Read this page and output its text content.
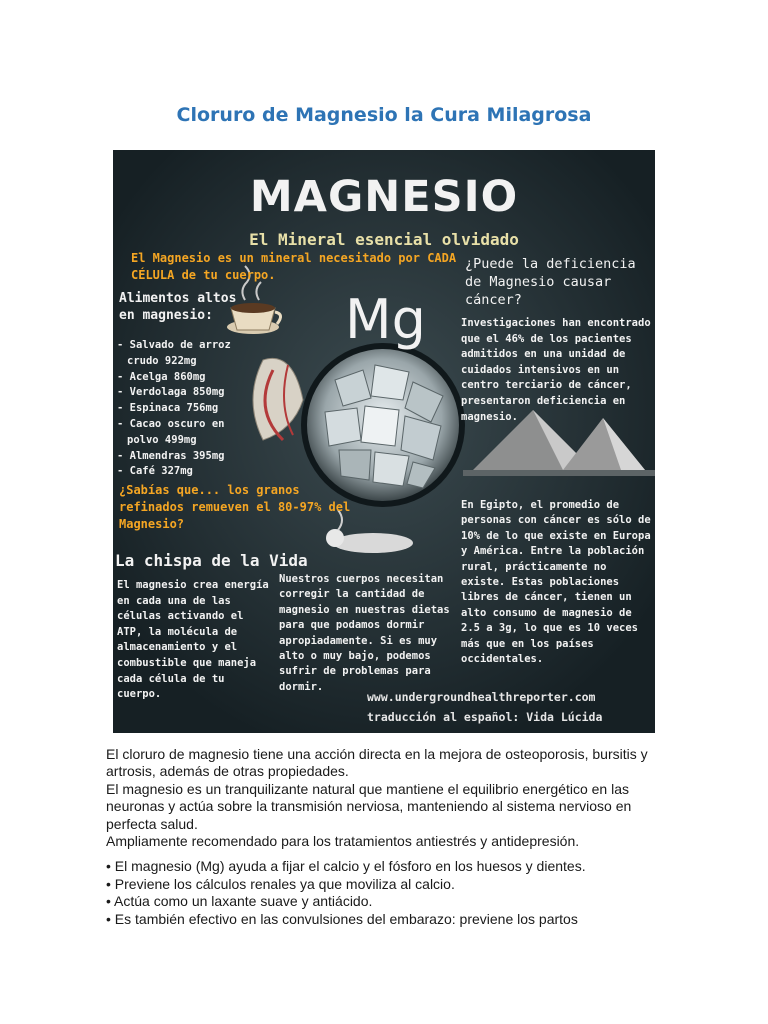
Cloruro de Magnesio la Cura Milagrosa
MAGNESIO
El Mineral esencial olvidado
El Magnesio es un mineral necesitado por CADA CÉLULA de tu cuerpo.
¿Puede la deficiencia de Magnesio causar cáncer?
Alimentos altos en magnesio:
- Salvado de arroz crudo 922mg
- Acelga 860mg
- Verdolaga 850mg
- Espinaca 756mg
- Cacao oscuro en polvo 499mg
- Almendras 395mg
- Café 327mg
Mg	Investigaciones han encontrado que el 46% de los pacientes admitidos en una unidad de cuidados intensivos en un centro terciario de cáncer, presentaron deficiencia en magnesio.
¿Sabías que... los granos refinados remueven el 80-97% del Magnesio?
En Egipto, el promedio de personas con cáncer es sólo de 10% de lo que existe en Europa y América. Entre la población rural, prácticamente no existe. Estas poblaciones libres de cáncer, tienen un alto consumo de magnesio de 2.5 a 3g, lo que es 10 veces más que en los países occidentales.
La chispa de la Vida
El magnesio crea energía en cada una de las células activando el ATP, la molécula de almacenamiento y el combustible que maneja cada célula de tu cuerpo.
Nuestros cuerpos necesitan corregir la cantidad de magnesio en nuestras dietas para que podamos dormir apropiadamente. Si es muy alto o muy bajo, podemos sufrir de problemas para dormir.
www.undergroundhealthreporter.com
traducción al español: Vida Lúcida

El cloruro de magnesio tiene una acción directa en la mejora de osteoporosis, bursitis y artrosis, además de otras propiedades.

El magnesio es un tranquilizante natural que mantiene el equilibrio energético en las neuronas y actúa sobre la transmisión nerviosa, manteniendo al sistema nervioso en perfecta salud.

Ampliamente recomendado para los tratamientos antiestrés y antidepresión.

• El magnesio (Mg) ayuda a fijar el calcio y el fósforo en los huesos y dientes.
• Previene los cálculos renales ya que moviliza al calcio.
• Actúa como un laxante suave y antiácido.
• Es también efectivo en las convulsiones del embarazo: previene los partos
